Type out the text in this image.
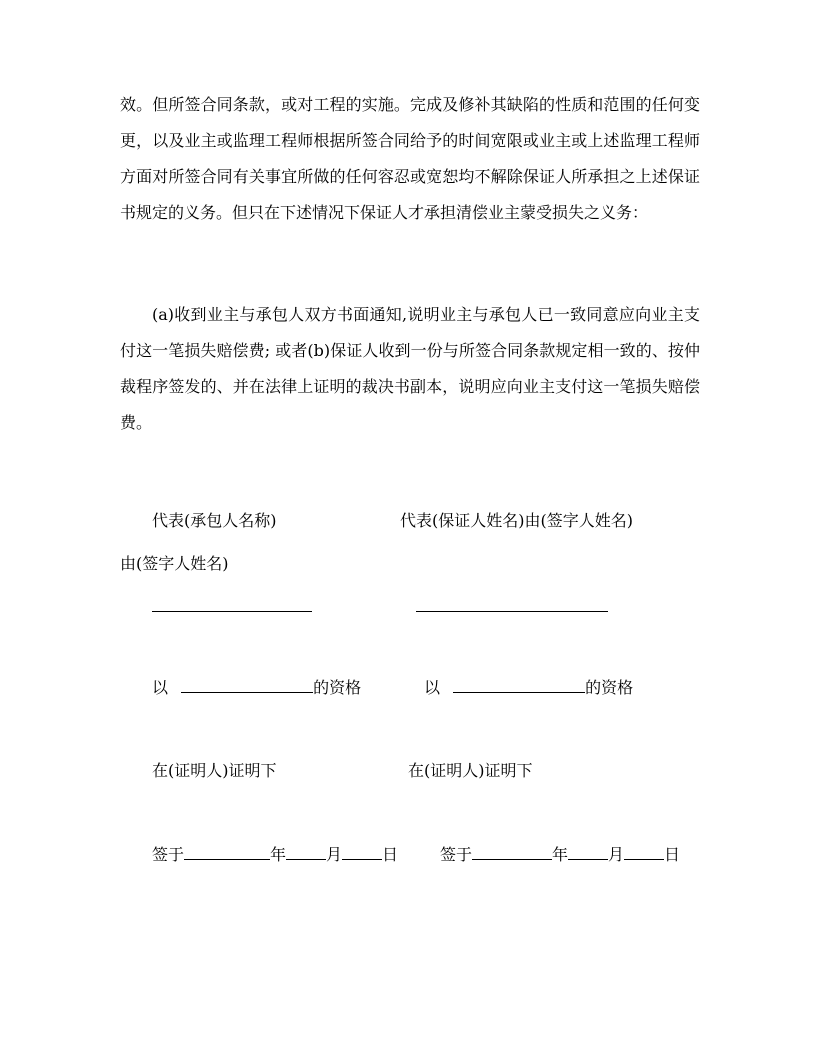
效。但所签合同条款，或对工程的实施。完成及修补其缺陷的性质和范围的任何变更，以及业主或监理工程师根据所签合同给予的时间宽限或业主或上述监理工程师方面对所签合同有关事宜所做的任何容忍或宽恕均不解除保证人所承担之上述保证书规定的义务。但只在下述情况下保证人才承担清偿业主蒙受损失之义务：

(a)收到业主与承包人双方书面通知,说明业主与承包人已一致同意应向业主支付这一笔损失赔偿费; 或者(b)保证人收到一份与所签合同条款规定相一致的、按仲裁程序签发的、并在法律上证明的裁决书副本，说明应向业主支付这一笔损失赔偿费。

代表(承包人名称)	代表(保证人姓名)由(签字人姓名)
由(签字人姓名)
以	的资格	以	的资格
在(证明人)证明下	在(证明人)证明下
签于	年	月	日	签于	年	月	日
